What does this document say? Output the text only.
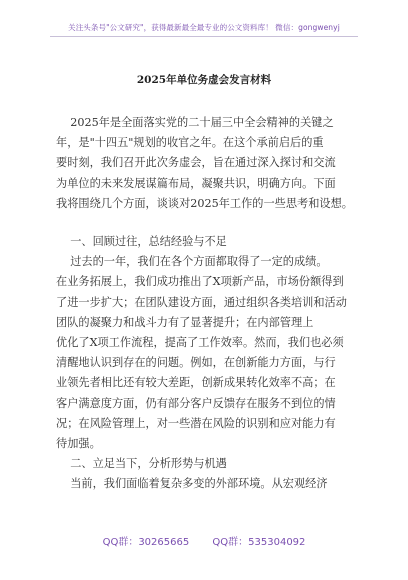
关注头条号"公文研究"，获得最新最全最专业的公文资料库！ 微信：gongwenyj
2025年单位务虚会发言材料
2025年是全面落实党的二十届三中全会精神的关键之
年，是"十四五"规划的收官之年。在这个承前启后的重
要时刻，我们召开此次务虚会，旨在通过深入探讨和交流
为单位的未来发展谋篇布局，凝聚共识，明确方向。下面
我将围绕几个方面，谈谈对2025年工作的一些思考和设想。
一、回顾过往，总结经验与不足
过去的一年，我们在各个方面都取得了一定的成绩。
在业务拓展上，我们成功推出了X项新产品，市场份额得到
了进一步扩大；在团队建设方面，通过组织各类培训和活动
团队的凝聚力和战斗力有了显著提升；在内部管理上
优化了X项工作流程，提高了工作效率。然而，我们也必须
清醒地认识到存在的问题。例如，在创新能力方面，与行
业领先者相比还有较大差距，创新成果转化效率不高；在
客户满意度方面，仍有部分客户反馈存在服务不到位的情
况；在风险管理上，对一些潜在风险的识别和应对能力有
待加强。
二、立足当下，分析形势与机遇
当前，我们面临着复杂多变的外部环境。从宏观经济
QQ群：30265665 QQ群：535304092
